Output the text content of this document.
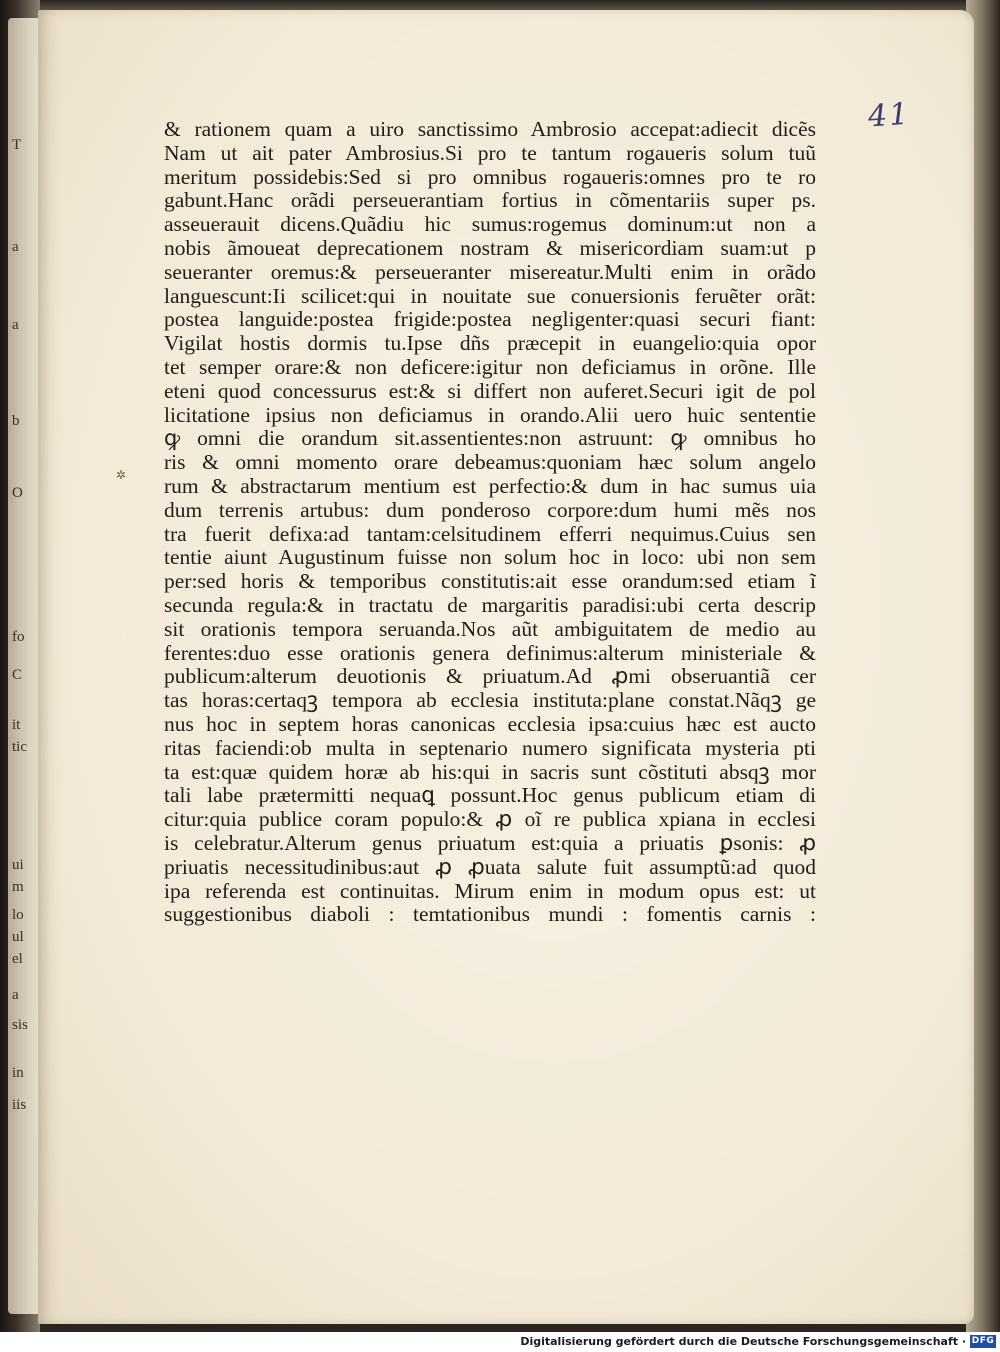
T
a
a
b
O
fo
C
it
tic
ui
m
lo
ul
el
a
sis
in
iis
41
✲
& rationem quam a uiro sanctissimo Ambrosio accepat:adiecit dicẽs
Nam ut ait pater Ambrosius.Si pro te tantum rogaueris solum tuũ
meritum possidebis:Sed si pro omnibus rogaueris:omnes pro te ro
gabunt.Hanc orãdi perseuerantiam fortius in cõmentariis super ps.
asseuerauit dicens.Quãdiu hic sumus:rogemus dominum:ut non a
nobis ãmoueat deprecationem nostram & misericordiam suam:ut p
seueranter oremus:& perseueranter misereatur.Multi enim in orãdo
languescunt:Ii scilicet:qui in nouitate sue conuersionis feruẽter orãt:
postea languide:postea frigide:postea negligenter:quasi securi fiant:
Vigilat hostis dormis tu.Ipse dñs præcepit in euangelio:quia opor
tet semper orare:& non deficere:igitur non deficiamus in orõne. Ille
eteni quod concessurus est:& si differt non auferet.Securi igit de pol
licitatione ipsius non deficiamus in orando.Alii uero huic sententie
ꝙ omni die orandum sit.assentientes:non astruunt: ꝙ omnibus ho
ris & omni momento orare debeamus:quoniam hæc solum angelo
rum & abstractarum mentium est perfectio:& dum in hac sumus uia
dum terrenis artubus: dum ponderoso corpore:dum humi mẽs nos
tra fuerit defixa:ad tantam:celsitudinem efferri nequimus.Cuius sen
tentie aiunt Augustinum fuisse non solum hoc in loco: ubi non sem
per:sed horis & temporibus constitutis:ait esse orandum:sed etiam ĩ
secunda regula:& in tractatu de margaritis paradisi:ubi certa descrip
sit orationis tempora seruanda.Nos aũt ambiguitatem de medio au
ferentes:duo esse orationis genera definimus:alterum ministeriale &
publicum:alterum deuotionis & priuatum.Ad ꝓmi obseruantiã cer
tas horas:certaqꝫ tempora ab ecclesia instituta:plane constat.Nãqꝫ ge
nus hoc in septem horas canonicas ecclesia ipsa:cuius hæc est aucto
ritas faciendi:ob multa in septenario numero significata mysteria pti
ta est:quæ quidem horæ ab his:qui in sacris sunt cõstituti absqꝫ mor
tali labe prætermitti nequaꝗ possunt.Hoc genus publicum etiam di
citur:quia publice coram populo:& ꝓ oĩ re publica xpiana in ecclesi
is celebratur.Alterum genus priuatum est:quia a priuatis ꝑsonis: ꝓ
priuatis necessitudinibus:aut ꝓ ꝓuata salute fuit assumptũ:ad quod
ipa referenda est continuitas. Mirum enim in modum opus est: ut
suggestionibus diaboli : temtationibus mundi : fomentis carnis :
Digitalisierung gefördert durch die Deutsche Forschungsgemeinschaft · DFG
